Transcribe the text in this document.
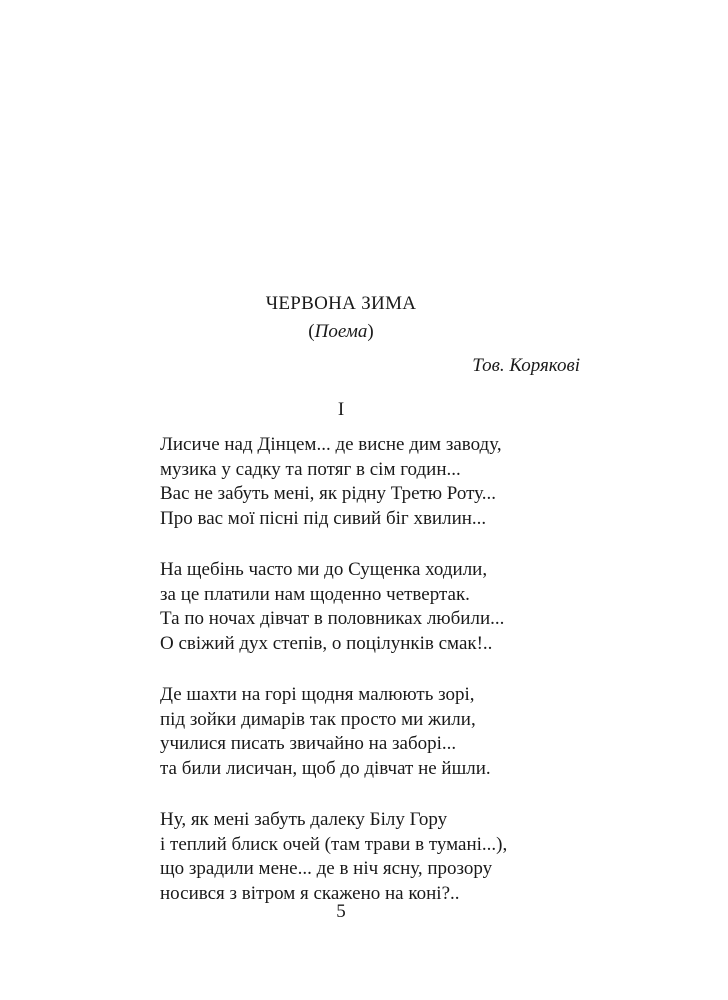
ЧЕРВОНА ЗИМА
(Поема)
Тов. Корякові
I
Лисиче над Дінцем... де висне дим заводу,
музика у садку та потяг в сім годин...
Вас не забуть мені, як рідну Третю Роту...
Про вас мої пісні під сивий біг хвилин...
На щебінь часто ми до Сущенка ходили,
за це платили нам щоденно четвертак.
Та по ночах дівчат в половниках любили...
О свіжий дух степів, о поцілунків смак!..
Де шахти на горі щодня малюють зорі,
під зойки димарів так просто ми жили,
училися писать звичайно на заборі...
та били лисичан, щоб до дівчат не йшли.
Ну, як мені забуть далеку Білу Гору
і теплий блиск очей (там трави в тумані...),
що зрадили мене... де в ніч ясну, прозору
носився з вітром я скажено на коні?..
5
